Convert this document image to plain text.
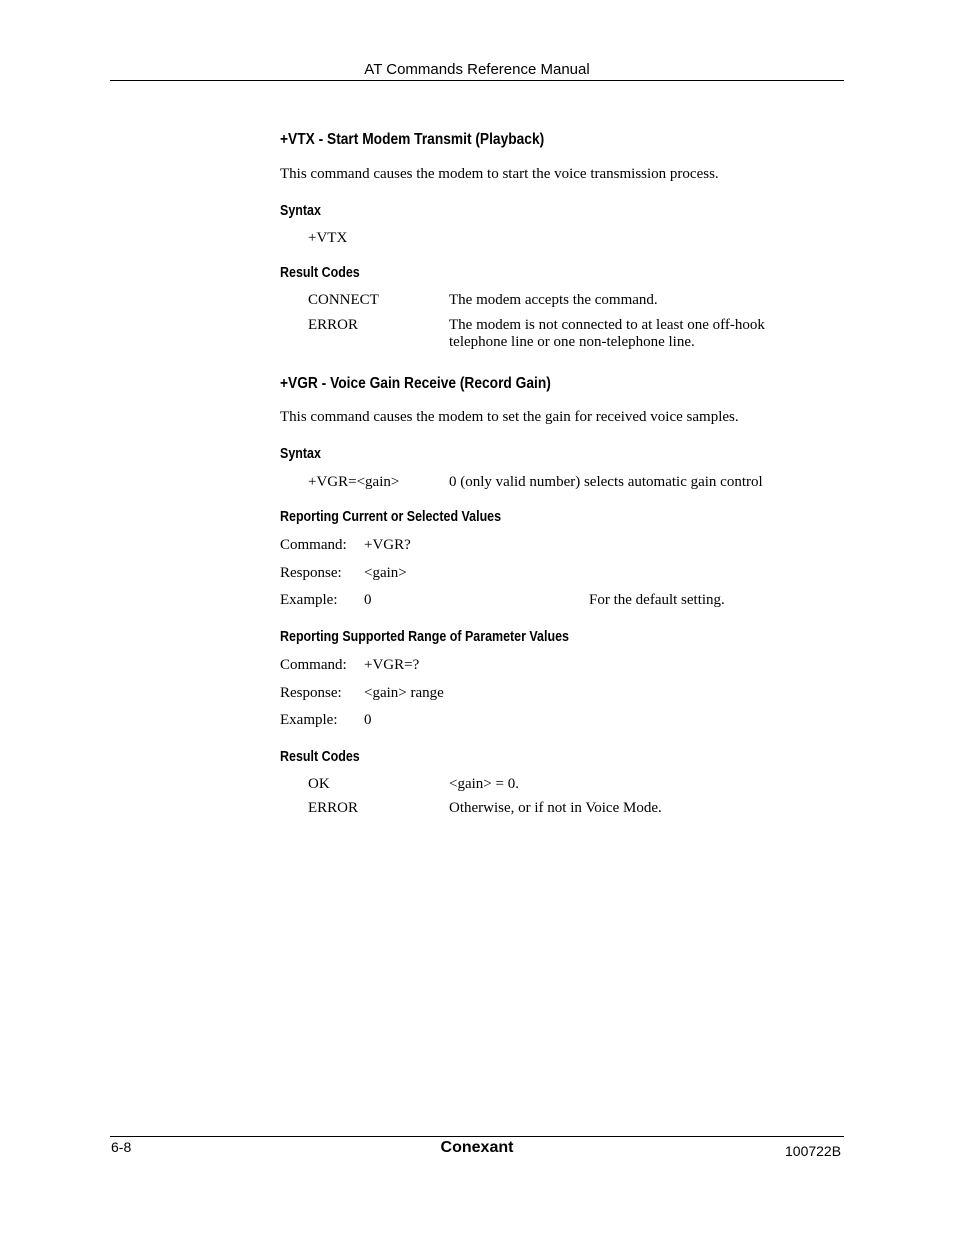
AT Commands Reference Manual
+VTX - Start Modem Transmit (Playback)
This command causes the modem to start the voice transmission process.
Syntax
+VTX
Result Codes
CONNECT	The modem accepts the command.
ERROR	The modem is not connected to at least one off-hook
telephone line or one non-telephone line.
+VGR - Voice Gain Receive (Record Gain)
This command causes the modem to set the gain for received voice samples.
Syntax
+VGR=<gain>	0 (only valid number) selects automatic gain control
Reporting Current or Selected Values
Command: +VGR?
Response: <gain>
Example: 0	For the default setting.
Reporting Supported Range of Parameter Values
Command: +VGR=?
Response: <gain> range
Example: 0
Result Codes
OK	<gain> = 0.
ERROR	Otherwise, or if not in Voice Mode.
6-8	Conexant	100722B
